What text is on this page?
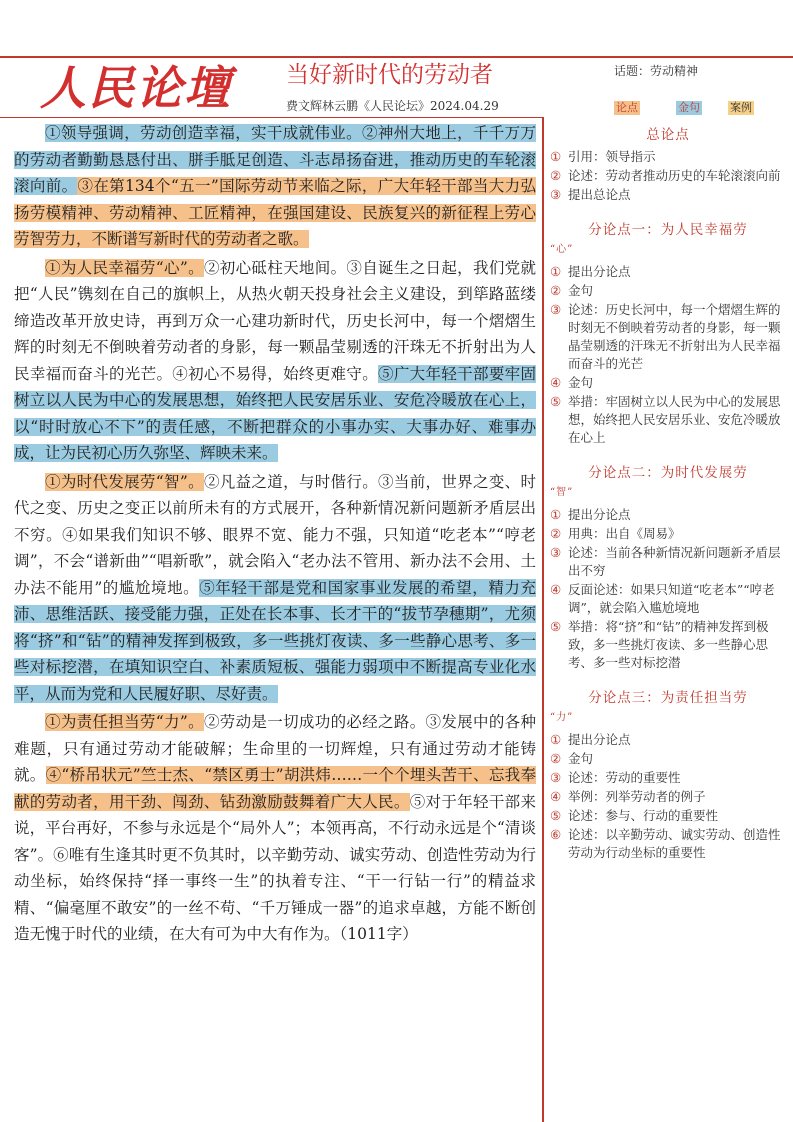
人民论壇 当好新时代的劳动者	话题：劳动精神
费文辉林云鹏《人民论坛》2024.04.29	论点	金句	案例

①领导强调，劳动创造幸福，实干成就伟业。②神州大地上，千千万万的劳动者勤勤恳恳付出、胼手胝足创造、斗志昂扬奋进，推动历史的车轮滚滚向前。③在第134个“五一”国际劳动节来临之际，广大年轻干部当大力弘扬劳模精神、劳动精神、工匠精神，在强国建设、民族复兴的新征程上劳心劳智劳力，不断谱写新时代的劳动者之歌。

①为人民幸福劳“心”。②初心砥柱天地间。③自诞生之日起，我们党就把“人民”镌刻在自己的旗帜上，从热火朝天投身社会主义建设，到筚路蓝缕缔造改革开放史诗，再到万众一心建功新时代，历史长河中，每一个熠熠生辉的时刻无不倒映着劳动者的身影，每一颗晶莹剔透的汗珠无不折射出为人民幸福而奋斗的光芒。④初心不易得，始终更难守。⑤广大年轻干部要牢固树立以人民为中心的发展思想，始终把人民安居乐业、安危冷暖放在心上，以“时时放心不下”的责任感，不断把群众的小事办实、大事办好、难事办成，让为民初心历久弥坚、辉映未来。

①为时代发展劳“智”。②凡益之道，与时偕行。③当前，世界之变、时代之变、历史之变正以前所未有的方式展开，各种新情况新问题新矛盾层出不穷。④如果我们知识不够、眼界不宽、能力不强，只知道“吃老本”“哼老调”，不会“谱新曲”“唱新歌”，就会陷入“老办法不管用、新办法不会用、土办法不能用”的尴尬境地。⑤年轻干部是党和国家事业发展的希望，精力充沛、思维活跃、接受能力强，正处在长本事、长才干的“拔节孕穗期”，尤须将“挤”和“钻”的精神发挥到极致，多一些挑灯夜读、多一些静心思考、多一些对标挖潜，在填知识空白、补素质短板、强能力弱项中不断提高专业化水平，从而为党和人民履好职、尽好责。

①为责任担当劳“力”。②劳动是一切成功的必经之路。③发展中的各种难题，只有通过劳动才能破解；生命里的一切辉煌，只有通过劳动才能铸就。④“桥吊状元”竺士杰、“禁区勇士”胡洪炜……一个个埋头苦干、忘我奉献的劳动者，用干劲、闯劲、钻劲激励鼓舞着广大人民。⑤对于年轻干部来说，平台再好，不参与永远是个“局外人”；本领再高，不行动永远是个“清谈客”。⑥唯有生逢其时更不负其时，以辛勤劳动、诚实劳动、创造性劳动为行动坐标，始终保持“择一事终一生”的执着专注、“干一行钻一行”的精益求精、“偏毫厘不敢安”的一丝不苟、“千万锤成一器”的追求卓越，方能不断创造无愧于时代的业绩，在大有可为中大有作为。（1011字）

总论点
① 引用：领导指示
② 论述：劳动者推动历史的车轮滚滚向前
③ 提出总论点
分论点一：为人民幸福劳
“心”
① 提出分论点
② 金句
③ 论述：历史长河中，每一个熠熠生辉的时刻无不倒映着劳动者的身影，每一颗晶莹剔透的汗珠无不折射出为人民幸福而奋斗的光芒
④ 金句
⑤ 举措：牢固树立以人民为中心的发展思想，始终把人民安居乐业、安危冷暖放在心上
分论点二：为时代发展劳
“智”
① 提出分论点
② 用典：出自《周易》
③ 论述：当前各种新情况新问题新矛盾层出不穷
④ 反面论述：如果只知道“吃老本”“哼老调”，就会陷入尴尬境地
⑤ 举措：将“挤”和“钻”的精神发挥到极致，多一些挑灯夜读、多一些静心思考、多一些对标挖潜
分论点三：为责任担当劳
“力”
① 提出分论点
② 金句
③ 论述：劳动的重要性
④ 举例：列举劳动者的例子
⑤ 论述：参与、行动的重要性
⑥ 论述：以辛勤劳动、诚实劳动、创造性劳动为行动坐标的重要性
